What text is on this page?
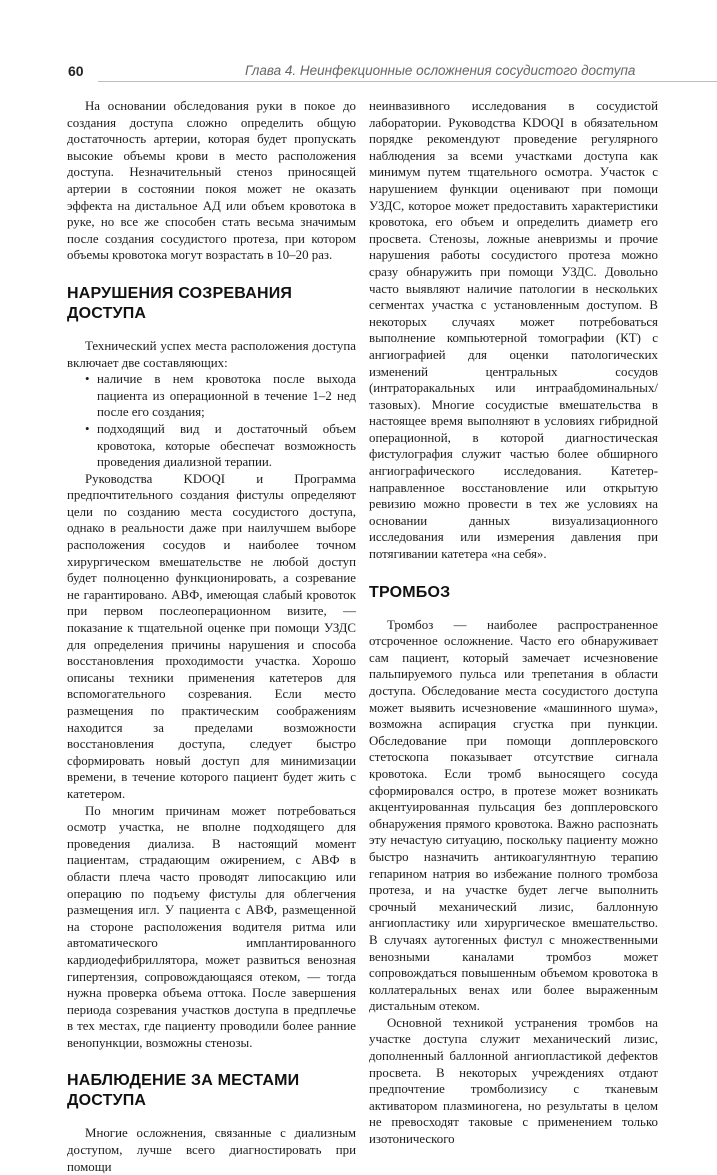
60	Глава 4. Неинфекционные осложнения сосудистого доступа

На основании обследования руки в покое до создания доступа сложно определить общую достаточность артерии, которая будет пропускать высокие объемы крови в место расположения доступа. Незначительный стеноз приносящей артерии в состоянии покоя может не оказать эффекта на дистальное АД или объем кровотока в руке, но все же способен стать весьма значимым после создания сосудистого протеза, при котором объемы кровотока могут возрастать в 10–20 раз.

НАРУШЕНИЯ СОЗРЕВАНИЯ ДОСТУПА

Технический успех места расположения доступа включает две составляющих:

• наличие в нем кровотока после выхода пациента из операционной в течение 1–2 нед после его создания;
• подходящий вид и достаточный объем кровотока, которые обеспечат возможность проведения диализной терапии.

Руководства KDOQI и Программа предпочтительного создания фистулы определяют цели по созданию места сосудистого доступа, однако в реальности даже при наилучшем выборе расположения сосудов и наиболее точном хирургическом вмешательстве не любой доступ будет полноценно функционировать, а созревание не гарантировано. АВФ, имеющая слабый кровоток при первом послеоперационном визите, — показание к тщательной оценке при помощи УЗДС для определения причины нарушения и способа восстановления проходимости участка. Хорошо описаны техники применения катетеров для вспомогательного созревания. Если место размещения по практическим соображениям находится за пределами возможности восстановления доступа, следует быстро сформировать новый доступ для минимизации времени, в течение которого пациент будет жить с катетером.

По многим причинам может потребоваться осмотр участка, не вполне подходящего для проведения диализа. В настоящий момент пациентам, страдающим ожирением, с АВФ в области плеча часто проводят липосакцию или операцию по подъему фистулы для облегчения размещения игл. У пациента с АВФ, размещенной на стороне расположения водителя ритма или автоматического имплантированного кардиодефибриллятора, может развиться венозная гипертензия, сопровождающаяся отеком, — тогда нужна проверка объема оттока. После завершения периода созревания участков доступа в предплечье в тех местах, где пациенту проводили более ранние венопункции, возможны стенозы.

НАБЛЮДЕНИЕ ЗА МЕСТАМИ ДОСТУПА

Многие осложнения, связанные с диализным доступом, лучше всего диагностировать при помощи

неинвазивного исследования в сосудистой лаборатории. Руководства KDOQI в обязательном порядке рекомендуют проведение регулярного наблюдения за всеми участками доступа как минимум путем тщательного осмотра. Участок с нарушением функции оценивают при помощи УЗДС, которое может предоставить характеристики кровотока, его объем и определить диаметр его просвета. Стенозы, ложные аневризмы и прочие нарушения работы сосудистого протеза можно сразу обнаружить при помощи УЗДС. Довольно часто выявляют наличие патологии в нескольких сегментах участка с установленным доступом. В некоторых случаях может потребоваться выполнение компьютерной томографии (КТ) с ангиографией для оценки патологических изменений центральных сосудов (интраторакальных или интраабдоминальных/тазовых). Многие сосудистые вмешательства в настоящее время выполняют в условиях гибридной операционной, в которой диагностическая фистулография служит частью более обширного ангиографического исследования. Катетер-направленное восстановление или открытую ревизию можно провести в тех же условиях на основании данных визуализационного исследования или измерения давления при потягивании катетера «на себя».

ТРОМБОЗ

Тромбоз — наиболее распространенное отсроченное осложнение. Часто его обнаруживает сам пациент, который замечает исчезновение пальпируемого пульса или трепетания в области доступа. Обследование места сосудистого доступа может выявить исчезновение «машинного шума», возможна аспирация сгустка при пункции. Обследование при помощи допплеровского стетоскопа показывает отсутствие сигнала кровотока. Если тромб выносящего сосуда сформировался остро, в протезе может возникать акцентуированная пульсация без допплеровского обнаружения прямого кровотока. Важно распознать эту нечастую ситуацию, поскольку пациенту можно быстро назначить антикоагулянтную терапию гепарином натрия во избежание полного тромбоза протеза, и на участке будет легче выполнить срочный механический лизис, баллонную ангиопластику или хирургическое вмешательство. В случаях аутогенных фистул с множественными венозными каналами тромбоз может сопровождаться повышенным объемом кровотока в коллатеральных венах или более выраженным дистальным отеком.

Основной техникой устранения тромбов на участке доступа служит механический лизис, дополненный баллонной ангиопластикой дефектов просвета. В некоторых учреждениях отдают предпочтение тромболизису с тканевым активатором плазминогена, но результаты в целом не превосходят таковые с применением только изотонического
